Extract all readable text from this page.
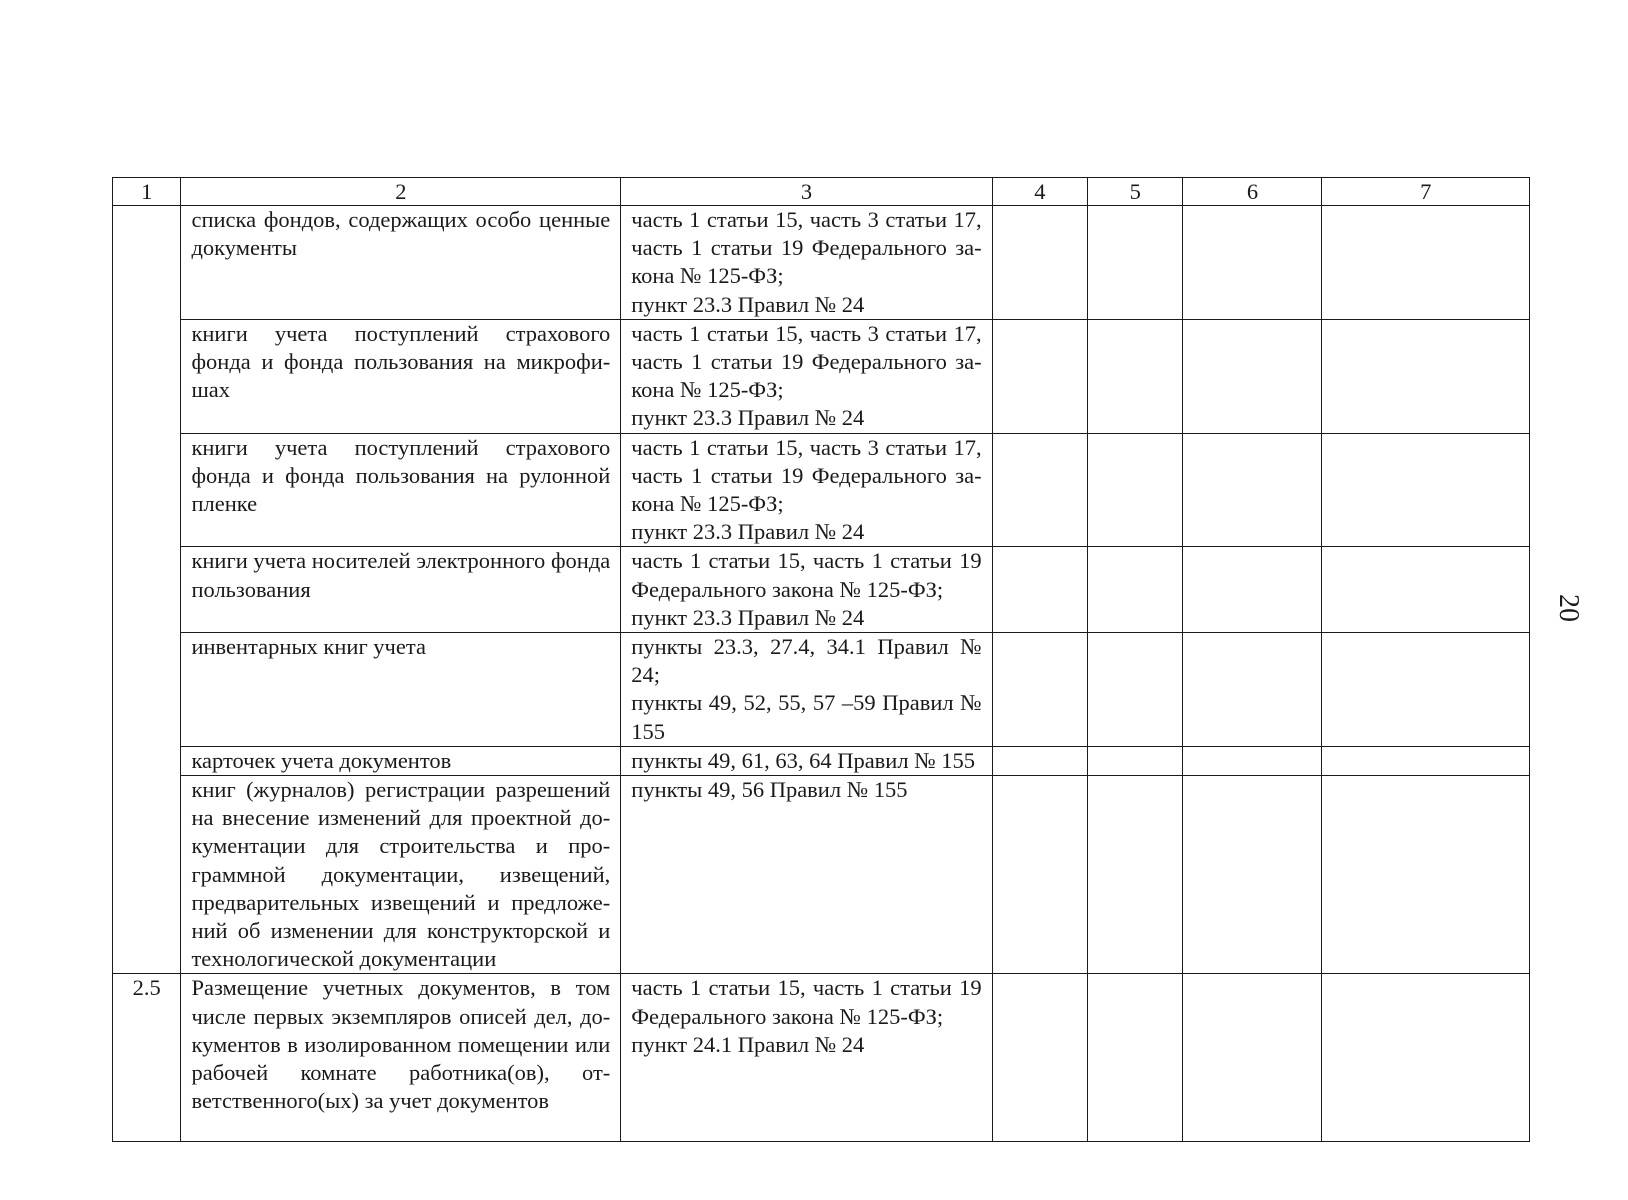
1	2	3	4	5	6	7
	списка фондов, содержащих особо ценные документы	часть 1 статьи 15, часть 3 статьи 17, часть 1 статьи 19 Федерального закона № 125-ФЗ;
пункт 23.3 Правил № 24				
	книги учета поступлений страхового фонда и фонда пользования на микрофишах	часть 1 статьи 15, часть 3 статьи 17, часть 1 статьи 19 Федерального закона № 125-ФЗ;
пункт 23.3 Правил № 24				
	книги учета поступлений страхового фонда и фонда пользования на рулонной пленке	часть 1 статьи 15, часть 3 статьи 17, часть 1 статьи 19 Федерального закона № 125-ФЗ;
пункт 23.3 Правил № 24				
	книги учета носителей электронного фонда пользования	часть 1 статьи 15, часть 1 статьи 19 Федерального закона № 125-ФЗ;
пункт 23.3 Правил № 24				
	инвентарных книг учета	пункты 23.3, 27.4, 34.1 Правил № 24;
пункты 49, 52, 55, 57 –59 Правил № 155				
	карточек учета документов	пункты 49, 61, 63, 64 Правил № 155				
	книг (журналов) регистрации разрешений на внесение изменений для проектной документации для строительства и программной документации, извещений, предварительных извещений и предложений об изменении для конструкторской и технологической документации	пункты 49, 56 Правил № 155				
2.5	Размещение учетных документов, в том числе первых экземпляров описей дел, документов в изолированном помещении или рабочей комнате работника(ов), ответственного(ых) за учет документов	часть 1 статьи 15, часть 1 статьи 19 Федерального закона № 125-ФЗ;
пункт 24.1 Правил № 24				
20
